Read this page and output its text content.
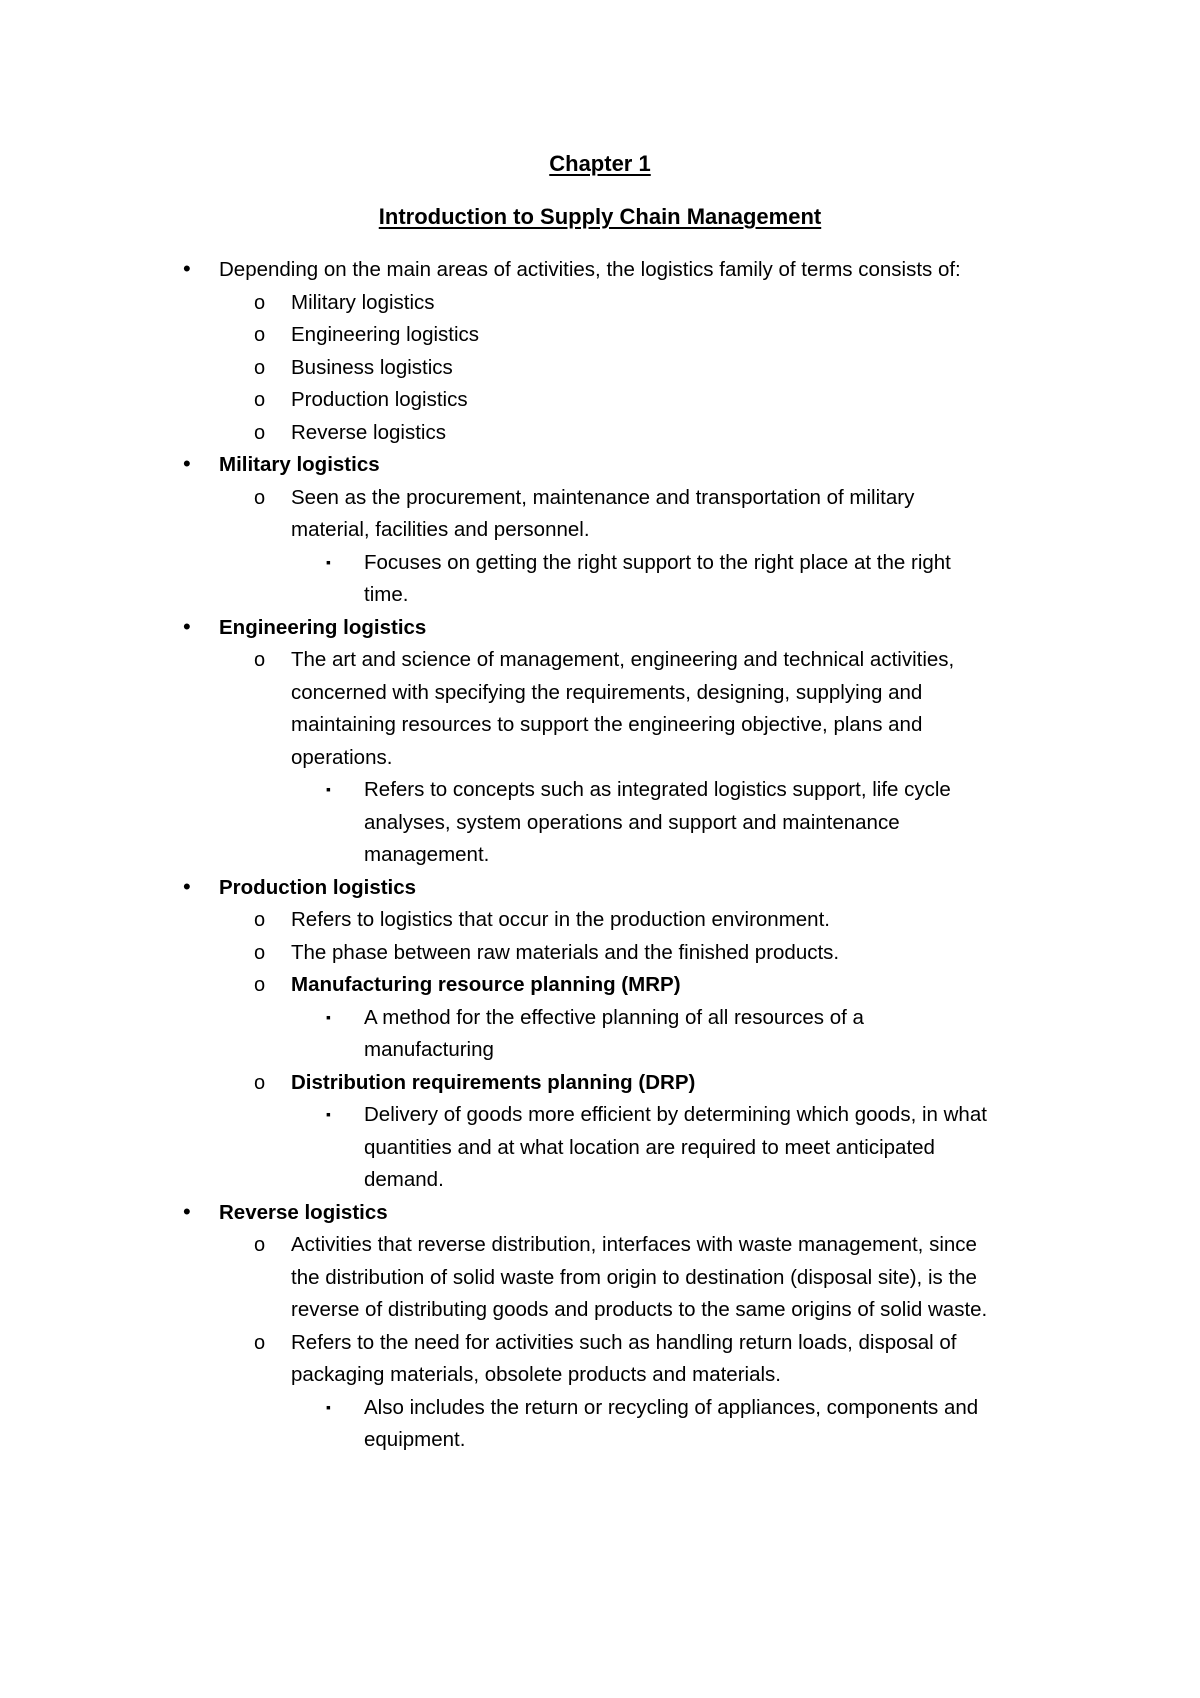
Chapter 1
Introduction to Supply Chain Management
• Depending on the main areas of activities, the logistics family of terms consists of:
o Military logistics
o Engineering logistics
o Business logistics
o Production logistics
o Reverse logistics
• Military logistics
o Seen as the procurement, maintenance and transportation of military
material, facilities and personnel.
▪ Focuses on getting the right support to the right place at the right
time.
• Engineering logistics
o The art and science of management, engineering and technical activities,
concerned with specifying the requirements, designing, supplying and
maintaining resources to support the engineering objective, plans and
operations.
▪ Refers to concepts such as integrated logistics support, life cycle
analyses, system operations and support and maintenance
management.
• Production logistics
o Refers to logistics that occur in the production environment.
o The phase between raw materials and the finished products.
o Manufacturing resource planning (MRP)
▪ A method for the effective planning of all resources of a
manufacturing
o Distribution requirements planning (DRP)
▪ Delivery of goods more efficient by determining which goods, in what
quantities and at what location are required to meet anticipated
demand.
• Reverse logistics
o Activities that reverse distribution, interfaces with waste management, since
the distribution of solid waste from origin to destination (disposal site), is the
reverse of distributing goods and products to the same origins of solid waste.
o Refers to the need for activities such as handling return loads, disposal of
packaging materials, obsolete products and materials.
▪ Also includes the return or recycling of appliances, components and
equipment.
